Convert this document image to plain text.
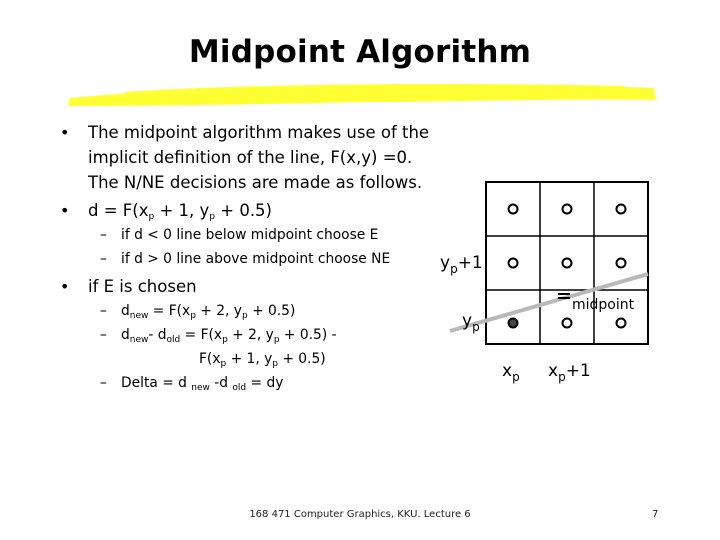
Midpoint Algorithm

• The midpoint algorithm makes use of the implicit definition of the line, F(x,y) =0. The N/NE decisions are made as follows.

• $d = F(x_p + 1$, $y_p + 0.5$)

– if d < 0 line below midpoint choose E

– if d > 0 line above midpoint choose NE

• if E is chosen

– $d_{new} = F(x_p + 2$, $y_p + 0.5$)

– $d_{new}-$ $d_{old} = F(x_p + 2$, $y_p + 0.5$) -
$F(x_p + 1$, $y_p + 0.5$)

– Delta = d $_{new}$ -d $_{old}$ = dy

midpoint
$y_p+1$
$y_p$
$x_p$ $x_p+1$
168 471 Computer Graphics, KKU. Lecture 6	7
